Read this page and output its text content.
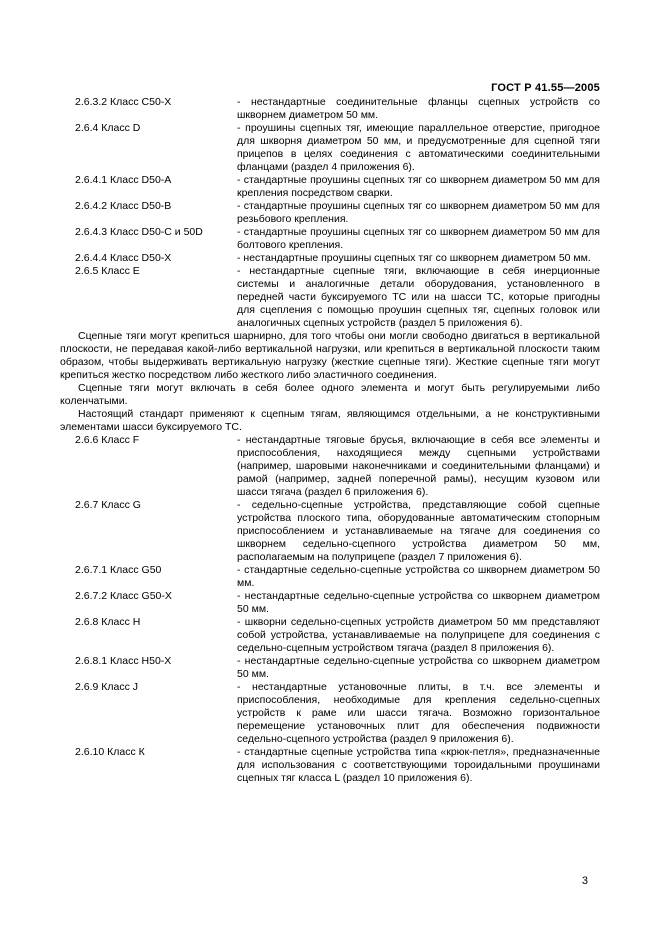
ГОСТ Р 41.55—2005
2.6.3.2 Класс С50-Х	- нестандартные соединительные фланцы сцепных устройств со шкворнем диаметром 50 мм.
2.6.4 Класс D	- проушины сцепных тяг, имеющие параллельное отверстие, пригодное для шкворня диаметром 50 мм, и предусмотренные для сцепной тяги прицепов в целях соединения с автоматическими соединительными фланцами (раздел 4 приложения 6).
2.6.4.1 Класс D50-A	- стандартные проушины сцепных тяг со шкворнем диаметром 50 мм для крепления посредством сварки.
2.6.4.2 Класс D50-B	- стандартные проушины сцепных тяг со шкворнем диаметром 50 мм для резьбового крепления.
2.6.4.3 Класс D50-C и 50D	- стандартные проушины сцепных тяг со шкворнем диаметром 50 мм для болтового крепления.
2.6.4.4 Класс D50-X	- нестандартные проушины сцепных тяг со шкворнем диаметром 50 мм.
2.6.5 Класс Е	- нестандартные сцепные тяги, включающие в себя инерционные системы и аналогичные детали оборудования, установленного в передней части буксируемого ТС или на шасси ТС, которые пригодны для сцепления с помощью проушин сцепных тяг, сцепных головок или аналогичных сцепных устройств (раздел 5 приложения 6).
Сцепные тяги могут крепиться шарнирно, для того чтобы они могли свободно двигаться в вертикальной плоскости, не передавая какой-либо вертикальной нагрузки, или крепиться в вертикальной плоскости таким образом, чтобы выдерживать вертикальную нагрузку (жесткие сцепные тяги). Жесткие сцепные тяги могут крепиться жестко посредством либо жесткого либо эластичного соединения.
Сцепные тяги могут включать в себя более одного элемента и могут быть регулируемыми либо коленчатыми.
Настоящий стандарт применяют к сцепным тягам, являющимся отдельными, а не конструктивными элементами шасси буксируемого ТС.
2.6.6 Класс F	- нестандартные тяговые брусья, включающие в себя все элементы и приспособления, находящиеся между сцепными устройствами (например, шаровыми наконечниками и соединительными фланцами) и рамой (например, задней поперечной рамы), несущим кузовом или шасси тягача (раздел 6 приложения 6).
2.6.7 Класс G	- седельно-сцепные устройства, представляющие собой сцепные устройства плоского типа, оборудованные автоматическим стопорным приспособлением и устанавливаемые на тягаче для соединения со шкворнем седельно-сцепного устройства диаметром 50 мм, располагаемым на полуприцепе (раздел 7 приложения 6).
2.6.7.1 Класс G50	- стандартные седельно-сцепные устройства со шкворнем диаметром 50 мм.
2.6.7.2 Класс G50-X	- нестандартные седельно-сцепные устройства со шкворнем диаметром 50 мм.
2.6.8 Класс Н	- шкворни седельно-сцепных устройств диаметром 50 мм представляют собой устройства, устанавливаемые на полуприцепе для соединения с седельно-сцепным устройством тягача (раздел 8 приложения 6).
2.6.8.1 Класс Н50-Х	- нестандартные седельно-сцепные устройства со шкворнем диаметром 50 мм.
2.6.9 Класс J	- нестандартные установочные плиты, в т.ч. все элементы и приспособления, необходимые для крепления седельно-сцепных устройств к раме или шасси тягача. Возможно горизонтальное перемещение установочных плит для обеспечения подвижности седельно-сцепного устройства (раздел 9 приложения 6).
2.6.10 Класс К	- стандартные сцепные устройства типа «крюк-петля», предназначенные для использования с соответствующими тороидальными проушинами сцепных тяг класса L (раздел 10 приложения 6).
3
